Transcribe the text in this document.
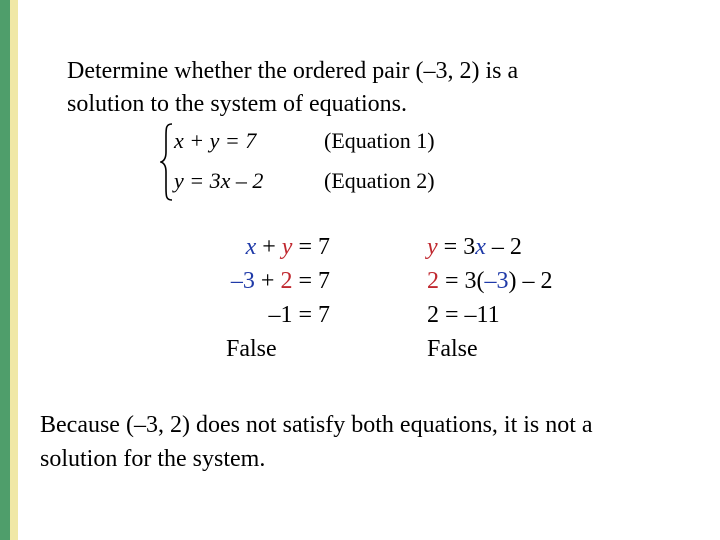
Determine whether the ordered pair (–3, 2) is a
solution to the system of equations.
x + y = 7	(Equation 1)
y = 3x – 2	(Equation 2)
x + y = 7
–3 + 2 = 7
–1 = 7
False
y = 3x – 2
2 = 3(–3) – 2
2 = –11
False
Because (–3, 2) does not satisfy both equations, it is not a
solution for the system.
